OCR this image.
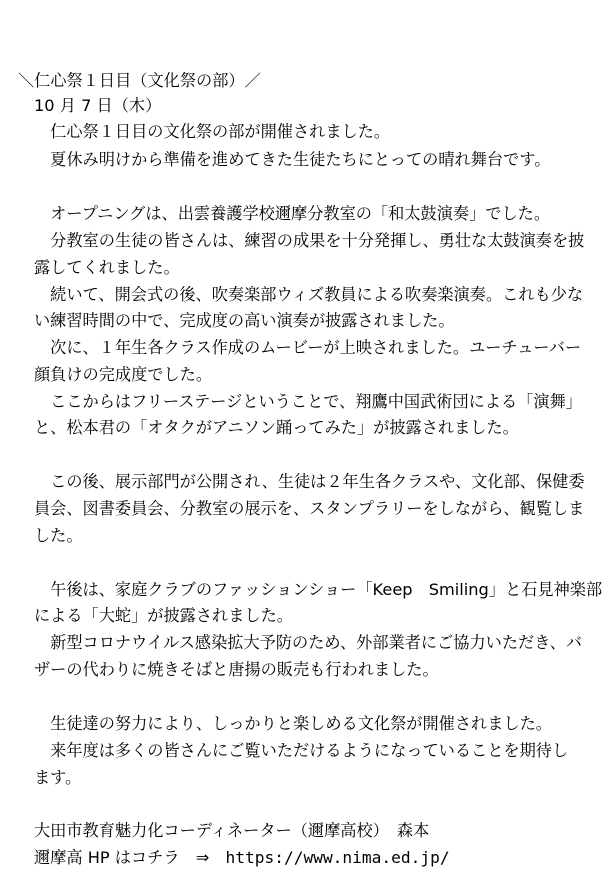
＼仁心祭１日目（文化祭の部）／
10 月 7 日（木）
　仁心祭１日目の文化祭の部が開催されました。
　夏休み明けから準備を進めてきた生徒たちにとっての晴れ舞台です。
　オープニングは、出雲養護学校邇摩分教室の「和太鼓演奏」でした。
　分教室の生徒の皆さんは、練習の成果を十分発揮し、勇壮な太鼓演奏を披
露してくれました。
　続いて、開会式の後、吹奏楽部ウィズ教員による吹奏楽演奏。これも少な
い練習時間の中で、完成度の高い演奏が披露されました。
　次に、１年生各クラス作成のムービーが上映されました。ユーチューバー
顔負けの完成度でした。
　ここからはフリーステージということで、翔鷹中国武術団による「演舞」
と、松本君の「オタクがアニソン踊ってみた」が披露されました。
　この後、展示部門が公開され、生徒は２年生各クラスや、文化部、保健委
員会、図書委員会、分教室の展示を、スタンプラリーをしながら、観覧しま
した。
　午後は、家庭クラブのファッションショー「Keep　Smiling」と石見神楽部
による「大蛇」が披露されました。
　新型コロナウイルス感染拡大予防のため、外部業者にご協力いただき、バ
ザーの代わりに焼きそばと唐揚の販売も行われました。
　生徒達の努力により、しっかりと楽しめる文化祭が開催されました。
　来年度は多くの皆さんにご覧いただけるようになっていることを期待し
ます。
大田市教育魅力化コーディネーター（邇摩高校）　森本
邇摩高 HP はコチラ　⇒　https://www.nima.ed.jp/
